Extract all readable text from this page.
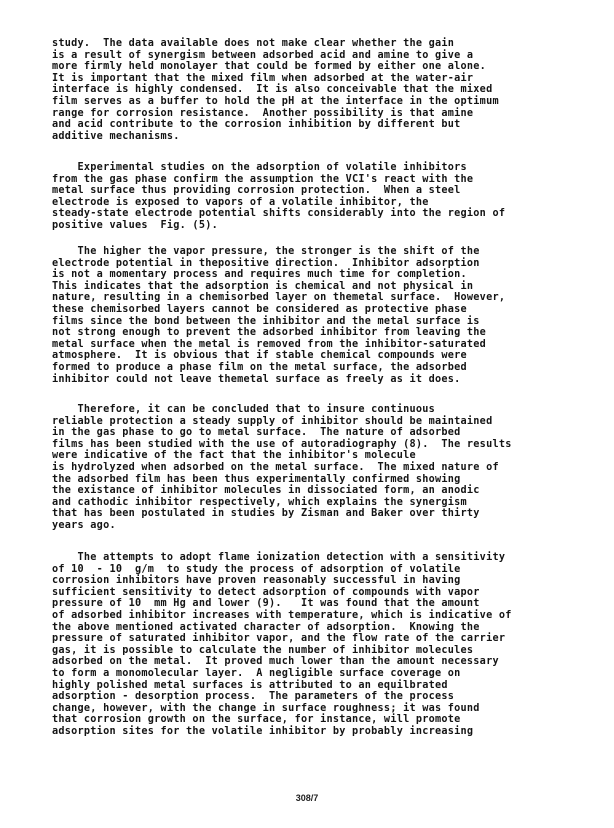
study.  The data available does not make clear whether the gain
is a result of synergism between adsorbed acid and amine to give a
more firmly held monolayer that could be formed by either one alone.
It is important that the mixed film when adsorbed at the water-air
interface is highly condensed.  It is also conceivable that the mixed
film serves as a buffer to hold the pH at the interface in the optimum
range for corrosion resistance.  Another possibility is that amine
and acid contribute to the corrosion inhibition by different but
additive mechanisms.
Experimental studies on the adsorption of volatile inhibitors
from the gas phase confirm the assumption the VCI's react with the
metal surface thus providing corrosion protection.  When a steel
electrode is exposed to vapors of a volatile inhibitor, the
steady-state electrode potential shifts considerably into the region of
positive values  Fig. (5).
The higher the vapor pressure, the stronger is the shift of the
electrode potential in thepositive direction.  Inhibitor adsorption
is not a momentary process and requires much time for completion.
This indicates that the adsorption is chemical and not physical in
nature, resulting in a chemisorbed layer on themetal surface.  However,
these chemisorbed layers cannot be considered as protective phase
films since the bond between the inhibitor and the metal surface is
not strong enough to prevent the adsorbed inhibitor from leaving the
metal surface when the metal is removed from the inhibitor-saturated
atmosphere.  It is obvious that if stable chemical compounds were
formed to produce a phase film on the metal surface, the adsorbed
inhibitor could not leave themetal surface as freely as it does.
Therefore, it can be concluded that to insure continuous
reliable protection a steady supply of inhibitor should be maintained
in the gas phase to go to metal surface.  The nature of adsorbed
films has been studied with the use of autoradiography (8).  The results
were indicative of the fact that the inhibitor's molecule
is hydrolyzed when adsorbed on the metal surface.  The mixed nature of
the adsorbed film has been thus experimentally confirmed showing
the existance of inhibitor molecules in dissociated form, an anodic
and cathodic inhibitor respectively, which explains the synergism
that has been postulated in studies by Zisman and Baker over thirty
years ago.
The attempts to adopt flame ionization detection with a sensitivity
of 10  - 10  g/m  to study the process of adsorption of volatile
corrosion inhibitors have proven reasonably successful in having
sufficient sensitivity to detect adsorption of compounds with vapor
pressure of 10  mm Hg and lower (9).   It was found that the amount
of adsorbed inhibitor increases with temperature, which is indicative of
the above mentioned activated character of adsorption.  Knowing the
pressure of saturated inhibitor vapor, and the flow rate of the carrier
gas, it is possible to calculate the number of inhibitor molecules
adsorbed on the metal.  It proved much lower than the amount necessary
to form a monomolecular layer.  A negligible surface coverage on
highly polished metal surfaces is attributed to an equilbrated
adsorption - desorption process.  The parameters of the process
change, however, with the change in surface roughness; it was found
that corrosion growth on the surface, for instance, will promote
adsorption sites for the volatile inhibitor by probably increasing
308/7
